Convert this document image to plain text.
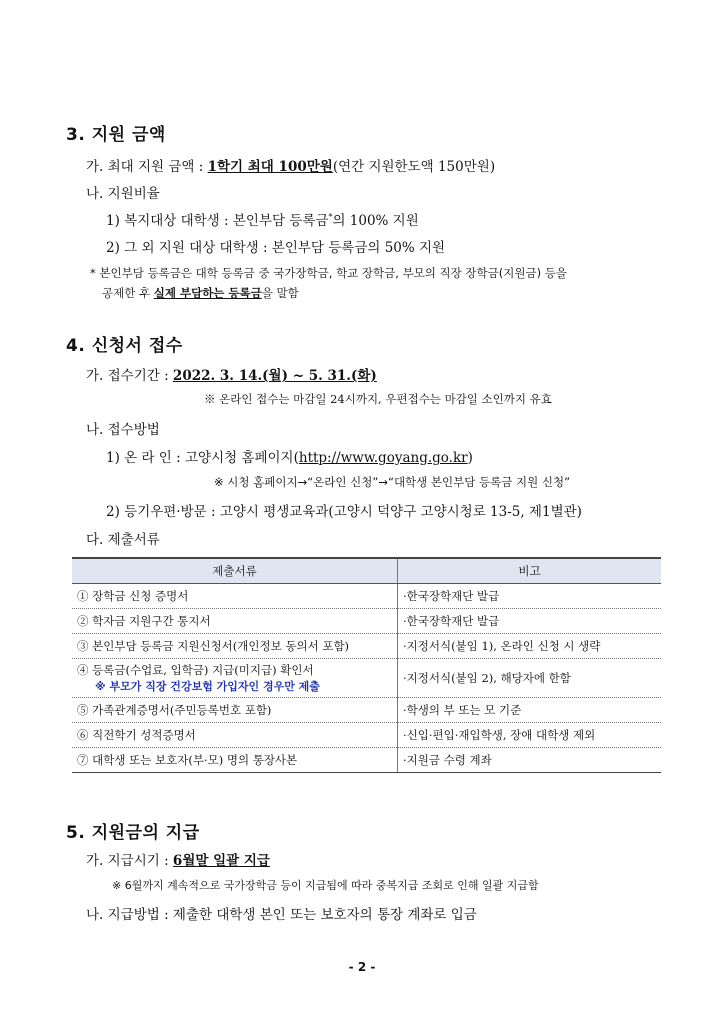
3. 지원 금액
가. 최대 지원 금액 : 1학기 최대 100만원(연간 지원한도액 150만원)
나. 지원비율
1) 복지대상 대학생 : 본인부담 등록금*의 100% 지원
2) 그 외 지원 대상 대학생 : 본인부담 등록금의 50% 지원
* 본인부담 등록금은 대학 등록금 중 국가장학금, 학교 장학금, 부모의 직장 장학금(지원금) 등을
공제한 후 실제 부담하는 등록금을 말함
4. 신청서 접수
가. 접수기간 : 2022. 3. 14.(월) ~ 5. 31.(화)
※ 온라인 접수는 마감일 24시까지, 우편접수는 마감일 소인까지 유효
나. 접수방법
1) 온 라 인 : 고양시청 홈페이지(http://www.goyang.go.kr)
※ 시청 홈페이지→“온라인 신청”→“대학생 본인부담 등록금 지원 신청”
2) 등기우편·방문 : 고양시 평생교육과(고양시 덕양구 고양시청로 13-5, 제1별관)
다. 제출서류
제출서류	비고
① 장학금 신청 증명서	·한국장학재단 발급
② 학자금 지원구간 통지서	·한국장학재단 발급
③ 본인부담 등록금 지원신청서(개인정보 동의서 포함)	·지정서식(붙임 1), 온라인 신청 시 생략

④ 등록금(수업료, 입학금) 지급(미지급) 확인서
※ 부모가 직장 건강보험 가입자인 경우만 제출	·지정서식(붙임 2), 해당자에 한함
⑤ 가족관계증명서(주민등록번호 포함)	·학생의 부 또는 모 기준
⑥ 직전학기 성적증명서	·신입·편입·재입학생, 장애 대학생 제외
⑦ 대학생 또는 보호자(부·모) 명의 통장사본	·지원금 수령 계좌
5. 지원금의 지급
가. 지급시기 : 6월말 일괄 지급
※ 6월까지 계속적으로 국가장학금 등이 지급됨에 따라 중복지급 조회로 인해 일괄 지급함
나. 지급방법 : 제출한 대학생 본인 또는 보호자의 통장 계좌로 입금
- 2 -
